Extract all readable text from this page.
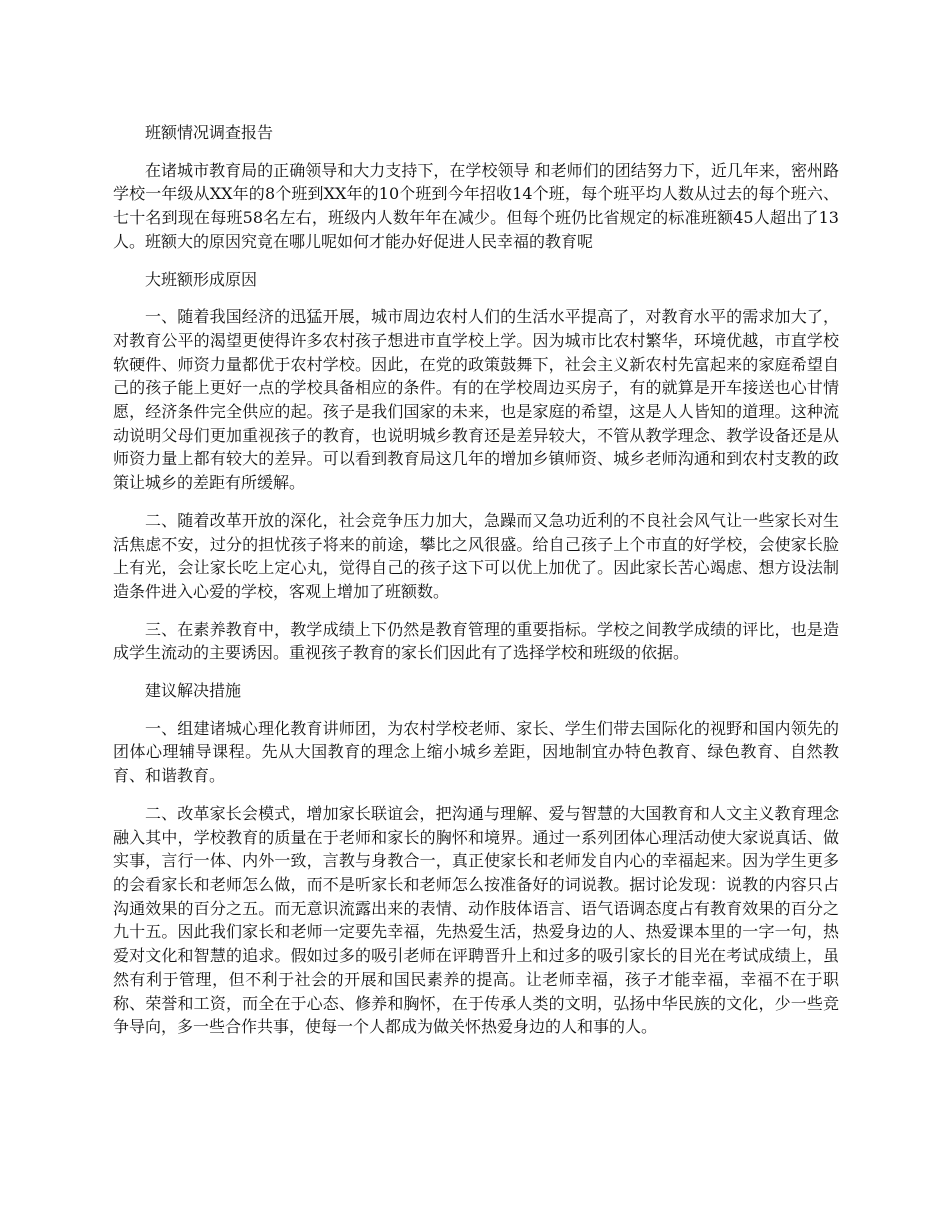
班额情况调查报告

在诸城市教育局的正确领导和大力支持下，在学校领导 和老师们的团结努力下，近几年来，密州路学校一年级从XX年的8个班到XX年的10个班到今年招收14个班，每个班平均人数从过去的每个班六、七十名到现在每班58名左右，班级内人数年年在减少。但每个班仍比省规定的标准班额45人超出了13人。班额大的原因究竟在哪儿呢如何才能办好促进人民幸福的教育呢

大班额形成原因

一、随着我国经济的迅猛开展，城市周边农村人们的生活水平提高了，对教育水平的需求加大了，对教育公平的渴望更使得许多农村孩子想进市直学校上学。因为城市比农村繁华，环境优越，市直学校软硬件、师资力量都优于农村学校。因此，在党的政策鼓舞下，社会主义新农村先富起来的家庭希望自己的孩子能上更好一点的学校具备相应的条件。有的在学校周边买房子，有的就算是开车接送也心甘情愿，经济条件完全供应的起。孩子是我们国家的未来，也是家庭的希望，这是人人皆知的道理。这种流动说明父母们更加重视孩子的教育，也说明城乡教育还是差异较大，不管从教学理念、教学设备还是从师资力量上都有较大的差异。可以看到教育局这几年的增加乡镇师资、城乡老师沟通和到农村支教的政策让城乡的差距有所缓解。

二、随着改革开放的深化，社会竞争压力加大，急躁而又急功近利的不良社会风气让一些家长对生活焦虑不安，过分的担忧孩子将来的前途，攀比之风很盛。给自己孩子上个市直的好学校，会使家长脸上有光，会让家长吃上定心丸，觉得自己的孩子这下可以优上加优了。因此家长苦心竭虑、想方设法制造条件进入心爱的学校，客观上增加了班额数。

三、在素养教育中，教学成绩上下仍然是教育管理的重要指标。学校之间教学成绩的评比，也是造成学生流动的主要诱因。重视孩子教育的家长们因此有了选择学校和班级的依据。

建议解决措施

一、组建诸城心理化教育讲师团，为农村学校老师、家长、学生们带去国际化的视野和国内领先的团体心理辅导课程。先从大国教育的理念上缩小城乡差距，因地制宜办特色教育、绿色教育、自然教育、和谐教育。

二、改革家长会模式，增加家长联谊会，把沟通与理解、爱与智慧的大国教育和人文主义教育理念融入其中，学校教育的质量在于老师和家长的胸怀和境界。通过一系列团体心理活动使大家说真话、做实事，言行一体、内外一致，言教与身教合一，真正使家长和老师发自内心的幸福起来。因为学生更多的会看家长和老师怎么做，而不是听家长和老师怎么按准备好的词说教。据讨论发现：说教的内容只占沟通效果的百分之五。而无意识流露出来的表情、动作肢体语言、语气语调态度占有教育效果的百分之九十五。因此我们家长和老师一定要先幸福，先热爱生活，热爱身边的人、热爱课本里的一字一句，热爱对文化和智慧的追求。假如过多的吸引老师在评聘晋升上和过多的吸引家长的目光在考试成绩上，虽然有利于管理，但不利于社会的开展和国民素养的提高。让老师幸福，孩子才能幸福，幸福不在于职称、荣誉和工资，而全在于心态、修养和胸怀，在于传承人类的文明，弘扬中华民族的文化，少一些竞争导向，多一些合作共事，使每一个人都成为做关怀热爱身边的人和事的人。
